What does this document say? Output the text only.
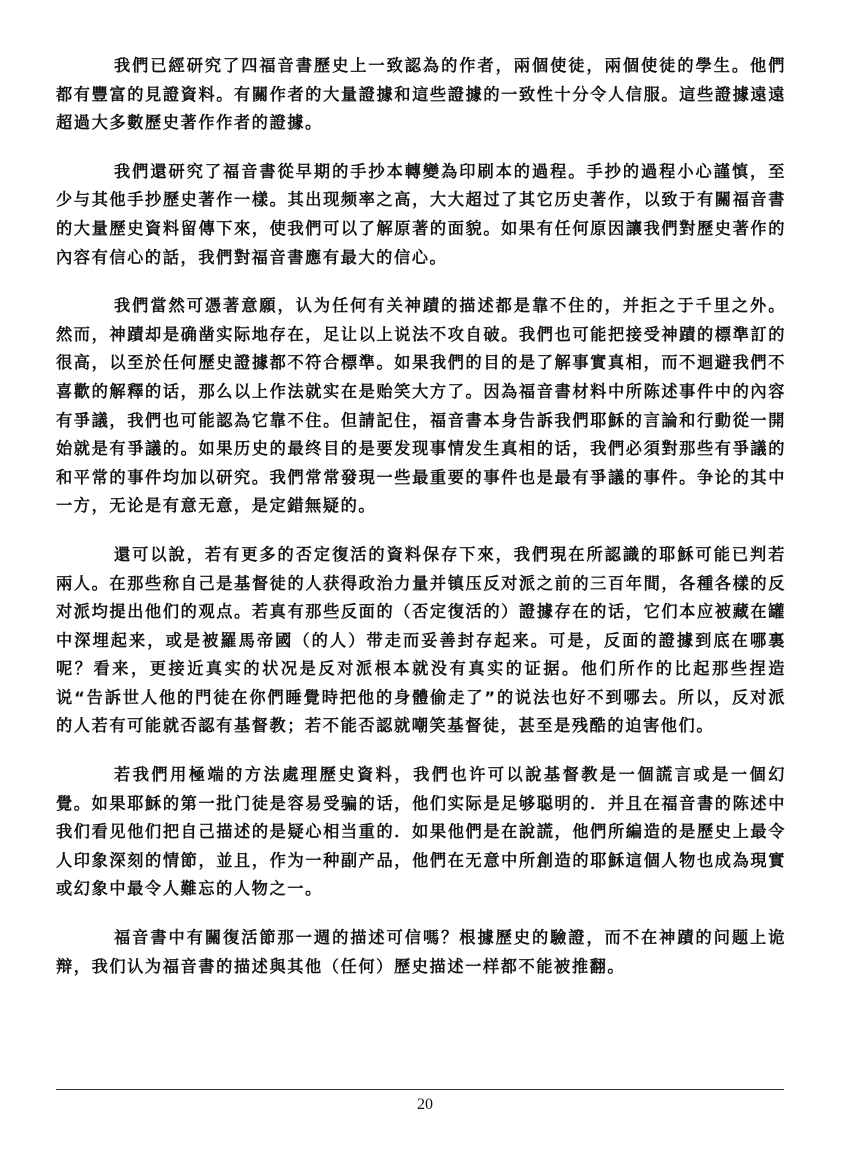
我們已經研究了四福音書歷史上一致認為的作者，兩個使徒，兩個使徒的學生。他們都有豐富的見證資料。有關作者的大量證據和這些證據的一致性十分令人信服。這些證據遠遠超過大多數歷史著作作者的證據。

我們還研究了福音書從早期的手抄本轉變為印刷本的過程。手抄的過程小心謹慎，至少与其他手抄歷史著作一樣。其出现频率之高，大大超过了其它历史著作，以致于有關福音書的大量歷史資料留傳下來，使我們可以了解原著的面貌。如果有任何原因讓我們對歷史著作的內容有信心的話，我們對福音書應有最大的信心。

我們當然可憑著意願，认为任何有关神蹟的描述都是靠不住的，并拒之于千里之外。然而，神蹟却是确凿实际地存在，足让以上说法不攻自破。我們也可能把接受神蹟的標準訂的很高，以至於任何歷史證據都不符合標準。如果我們的目的是了解事實真相，而不迴避我們不喜歡的解釋的话，那么以上作法就实在是贻笑大方了。因為福音書材料中所陈述事件中的內容有爭議，我們也可能認為它靠不住。但請記住，福音書本身告訴我們耶穌的言論和行動從一開始就是有爭議的。如果历史的最终目的是要发现事情发生真相的话，我們必須對那些有爭議的和平常的事件均加以研究。我們常常發現一些最重要的事件也是最有爭議的事件。争论的其中一方，无论是有意无意，是定錯無疑的。

還可以說，若有更多的否定復活的資料保存下來，我們現在所認識的耶穌可能已判若兩人。在那些称自己是基督徒的人获得政治力量并镇压反对派之前的三百年間，各種各樣的反对派均提出他们的观点。若真有那些反面的（否定復活的）證據存在的话，它们本应被藏在罐中深埋起来，或是被羅馬帝國（的人）带走而妥善封存起来。可是，反面的證據到底在哪裏呢？看来，更接近真实的状况是反对派根本就没有真实的证据。他们所作的比起那些捏造说“告訴世人他的門徒在你們睡覺時把他的身體偷走了”的说法也好不到哪去。所以，反对派的人若有可能就否認有基督教；若不能否認就嘲笑基督徒，甚至是残酷的迫害他们。

若我們用極端的方法處理歷史資料，我們也许可以說基督教是一個謊言或是一個幻覺。如果耶穌的第一批门徒是容易受骗的话，他们实际是足够聪明的．并且在福音書的陈述中我们看见他们把自己描述的是疑心相当重的．如果他們是在說謊，他們所編造的是歷史上最令人印象深刻的情節，並且，作为一种副产品，他們在无意中所創造的耶穌這個人物也成為現實或幻象中最令人難忘的人物之一。

福音書中有關復活節那一週的描述可信嗎？根據歷史的驗證，而不在神蹟的问题上诡辩，我们认为福音書的描述與其他（任何）歷史描述一样都不能被推翻。

20
